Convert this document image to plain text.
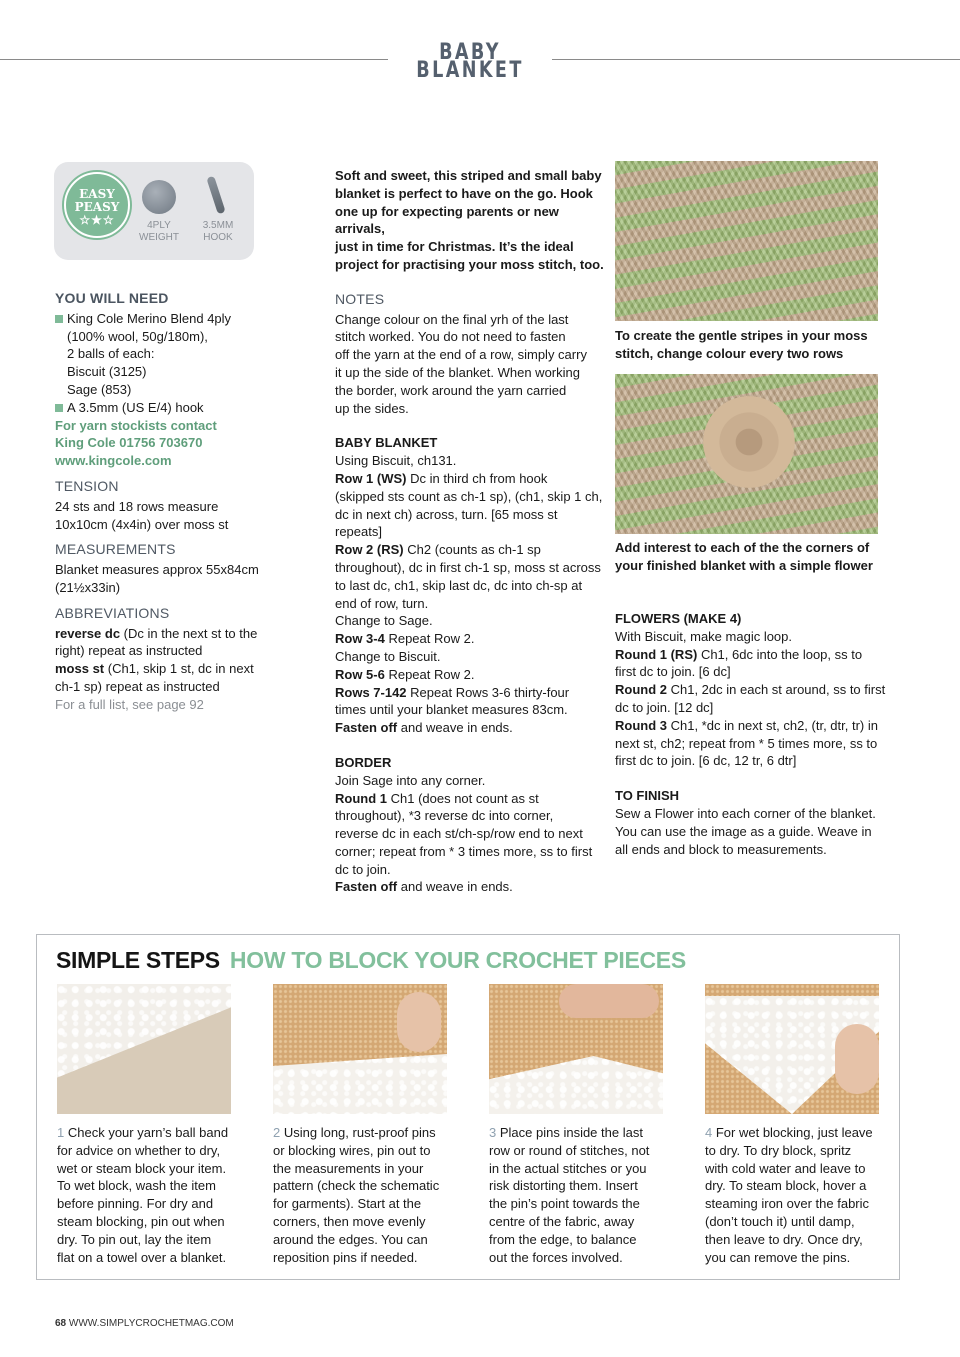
BABY BLANKET
EASY
PEASY
☆★☆	4PLY
WEIGHT
3.5MM
HOOK
YOU WILL NEED
King Cole Merino Blend 4ply
(100% wool, 50g/180m),
2 balls of each:
Biscuit (3125)
Sage (853)
A 3.5mm (US E/4) hook
For yarn stockists contact
King Cole 01756 703670
www.kingcole.com
TENSION
24 sts and 18 rows measure
10x10cm (4x4in) over moss st
MEASUREMENTS
Blanket measures approx 55x84cm
(21½x33in)
ABBREVIATIONS
reverse dc (Dc in the next st to the
right) repeat as instructed
moss st (Ch1, skip 1 st, dc in next
ch-1 sp) repeat as instructed
For a full list, see page 92
Soft and sweet, this striped and small baby
blanket is perfect to have on the go. Hook
one up for expecting parents or new arrivals,
just in time for Christmas. It’s the ideal
project for practising your moss stitch, too.
NOTES
Change colour on the final yrh of the last
stitch worked. You do not need to fasten
off the yarn at the end of a row, simply carry
it up the side of the blanket. When working
the border, work around the yarn carried
up the sides.
BABY BLANKET
Using Biscuit, ch131.
Row 1 (WS) Dc in third ch from hook
(skipped sts count as ch-1 sp), (ch1, skip 1 ch,
dc in next ch) across, turn. [65 moss st
repeats]
Row 2 (RS) Ch2 (counts as ch-1 sp
throughout), dc in first ch-1 sp, moss st across
to last dc, ch1, skip last dc, dc into ch-sp at
end of row, turn.
Change to Sage.
Row 3-4 Repeat Row 2.
Change to Biscuit.
Row 5-6 Repeat Row 2.
Rows 7-142 Repeat Rows 3-6 thirty-four
times until your blanket measures 83cm.
Fasten off and weave in ends.
BORDER
Join Sage into any corner.
Round 1 Ch1 (does not count as st
throughout), *3 reverse dc into corner,
reverse dc in each st/ch-sp/row end to next
corner; repeat from * 3 times more, ss to first
dc to join.
Fasten off and weave in ends.
To create the gentle stripes in your moss
stitch, change colour every two rows
Add interest to each of the the corners of
your finished blanket with a simple flower
FLOWERS (MAKE 4)
With Biscuit, make magic loop.
Round 1 (RS) Ch1, 6dc into the loop, ss to
first dc to join. [6 dc]
Round 2 Ch1, 2dc in each st around, ss to first
dc to join. [12 dc]
Round 3 Ch1, *dc in next st, ch2, (tr, dtr, tr) in
next st, ch2; repeat from * 5 times more, ss to
first dc to join. [6 dc, 12 tr, 6 dtr]
TO FINISH
Sew a Flower into each corner of the blanket.
You can use the image as a guide. Weave in
all ends and block to measurements.
SIMPLE STEPS HOW TO BLOCK YOUR CROCHET PIECES
1 Check your yarn’s ball band
for advice on whether to dry,
wet or steam block your item.
To wet block, wash the item
before pinning. For dry and
steam blocking, pin out when
dry. To pin out, lay the item
flat on a towel over a blanket.
2 Using long, rust-proof pins
or blocking wires, pin out to
the measurements in your
pattern (check the schematic
for garments). Start at the
corners, then move evenly
around the edges. You can
reposition pins if needed.
3 Place pins inside the last
row or round of stitches, not
in the actual stitches or you
risk distorting them. Insert
the pin’s point towards the
centre of the fabric, away
from the edge, to balance
out the forces involved.
4 For wet blocking, just leave
to dry. To dry block, spritz
with cold water and leave to
dry. To steam block, hover a
steaming iron over the fabric
(don’t touch it) until damp,
then leave to dry. Once dry,
you can remove the pins.
68 WWW.SIMPLYCROCHETMAG.COM
